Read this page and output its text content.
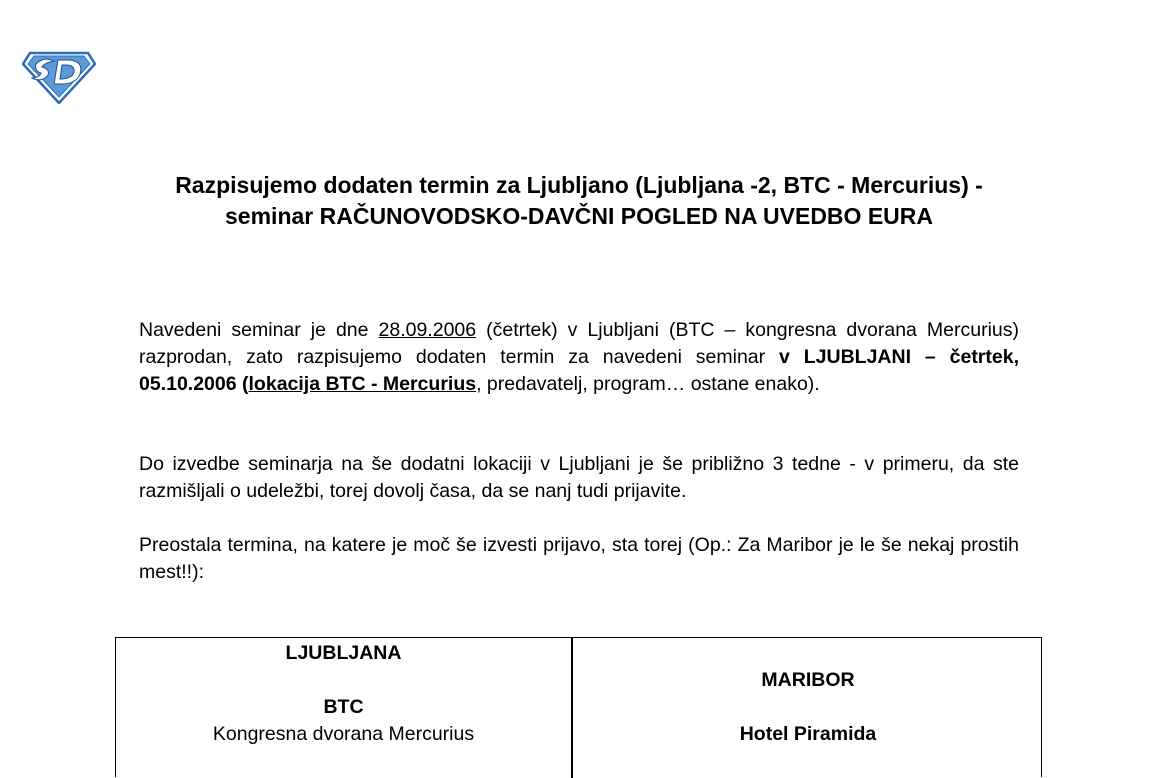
Razpisujemo dodaten termin za Ljubljano (Ljubljana -2, BTC - Mercurius) - seminar RAČUNOVODSKO-DAVČNI POGLED NA UVEDBO EURA

Navedeni seminar je dne 28.09.2006 (četrtek) v Ljubljani (BTC – kongresna dvorana Mercurius) razprodan, zato razpisujemo dodaten termin za navedeni seminar v LJUBLJANI – četrtek, 05.10.2006 (lokacija BTC - Mercurius, predavatelj, program… ostane enako).

Do izvedbe seminarja na še dodatni lokaciji v Ljubljani je še približno 3 tedne - v primeru, da ste razmišljali o udeležbi, torej dovolj časa, da se nanj tudi prijavite.

Preostala termina, na katere je moč še izvesti prijavo, sta torej (Op.: Za Maribor je le še nekaj prostih mest!!):

LJUBLJANA
BTC
Kongresna dvorana Mercurius
MARIBOR
Hotel Piramida
